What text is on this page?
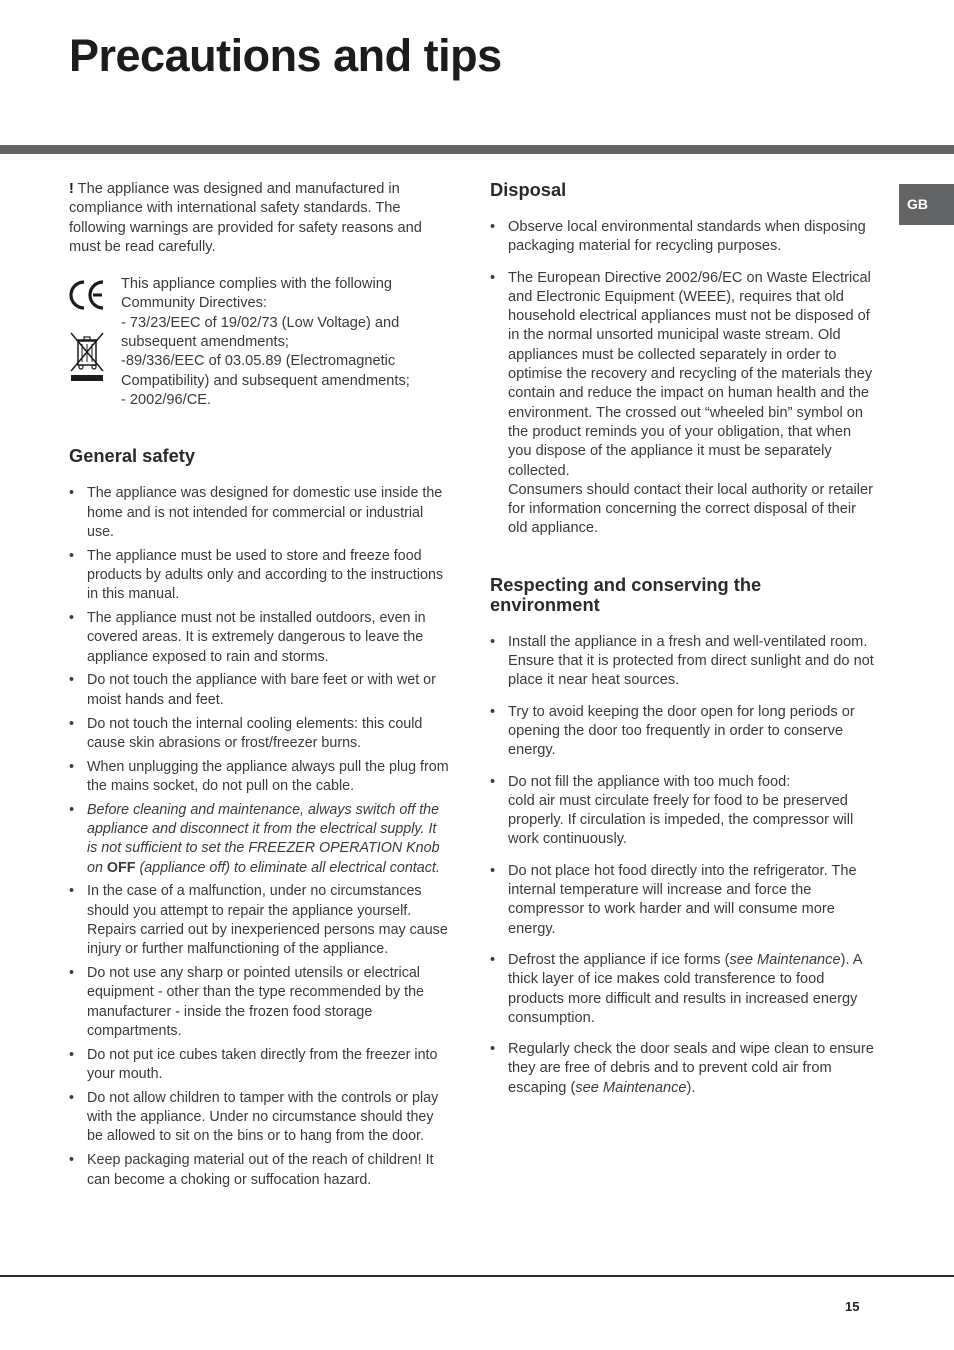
Precautions and tips
GB

! The appliance was designed and manufactured in compliance with international safety standards. The following warnings are provided for safety reasons and must be read carefully.

This appliance complies with the following Community Directives:

- 73/23/EEC of 19/02/73 (Low Voltage) and subsequent amendments;

-89/336/EEC of 03.05.89 (Electromagnetic Compatibility) and subsequent amendments;

- 2002/96/CE.

General safety
• The appliance was designed for domestic use inside the home and is not intended for commercial or industrial use.
• The appliance must be used to store and freeze food products by adults only and according to the instructions in this manual.
• The appliance must not be installed outdoors, even in covered areas. It is extremely dangerous to leave the appliance exposed to rain and storms.
• Do not touch the appliance with bare feet or with wet or moist hands and feet.
• Do not touch the internal cooling elements: this could cause skin abrasions or frost/freezer burns.
• When unplugging the appliance always pull the plug from the mains socket, do not pull on the cable.
• Before cleaning and maintenance, always switch off the appliance and disconnect it from the electrical supply. It is not sufficient to set the FREEZER OPERATION Knob on OFF (appliance off) to eliminate all electrical contact.
• In the case of a malfunction, under no circumstances should you attempt to repair the appliance yourself. Repairs carried out by inexperienced persons may cause injury or further malfunctioning of the appliance.
• Do not use any sharp or pointed utensils or electrical equipment - other than the type recommended by the manufacturer - inside the frozen food storage compartments.
• Do not put ice cubes taken directly from the freezer into your mouth.
• Do not allow children to tamper with the controls or play with the appliance. Under no circumstance should they be allowed to sit on the bins or to hang from the door.
• Keep packaging material out of the reach of children! It can become a choking or suffocation hazard.
Disposal
• Observe local environmental standards when disposing packaging material for recycling purposes.
• The European Directive 2002/96/EC on Waste Electrical and Electronic Equipment (WEEE), requires that old household electrical appliances must not be disposed of in the normal unsorted municipal waste stream. Old appliances must be collected separately in order to optimise the recovery and recycling of the materials they contain and reduce the impact on human health and the environment. The crossed out “wheeled bin” symbol on the product reminds you of your obligation, that when you dispose of the appliance it must be separately collected.
Consumers should contact their local authority or retailer for information concerning the correct disposal of their old appliance.
Respecting and conserving the environment
• Install the appliance in a fresh and well-ventilated room. Ensure that it is protected from direct sunlight and do not place it near heat sources.
• Try to avoid keeping the door open for long periods or opening the door too frequently in order to conserve energy.
• Do not fill the appliance with too much food:
cold air must circulate freely for food to be preserved properly. If circulation is impeded, the compressor will work continuously.
• Do not place hot food directly into the refrigerator. The internal temperature will increase and force the compressor to work harder and will consume more energy.
• Defrost the appliance if ice forms (see Maintenance). A thick layer of ice makes cold transference to food products more difficult and results in increased energy consumption.
• Regularly check the door seals and wipe clean to ensure they are free of debris and to prevent cold air from escaping (see Maintenance).
15
